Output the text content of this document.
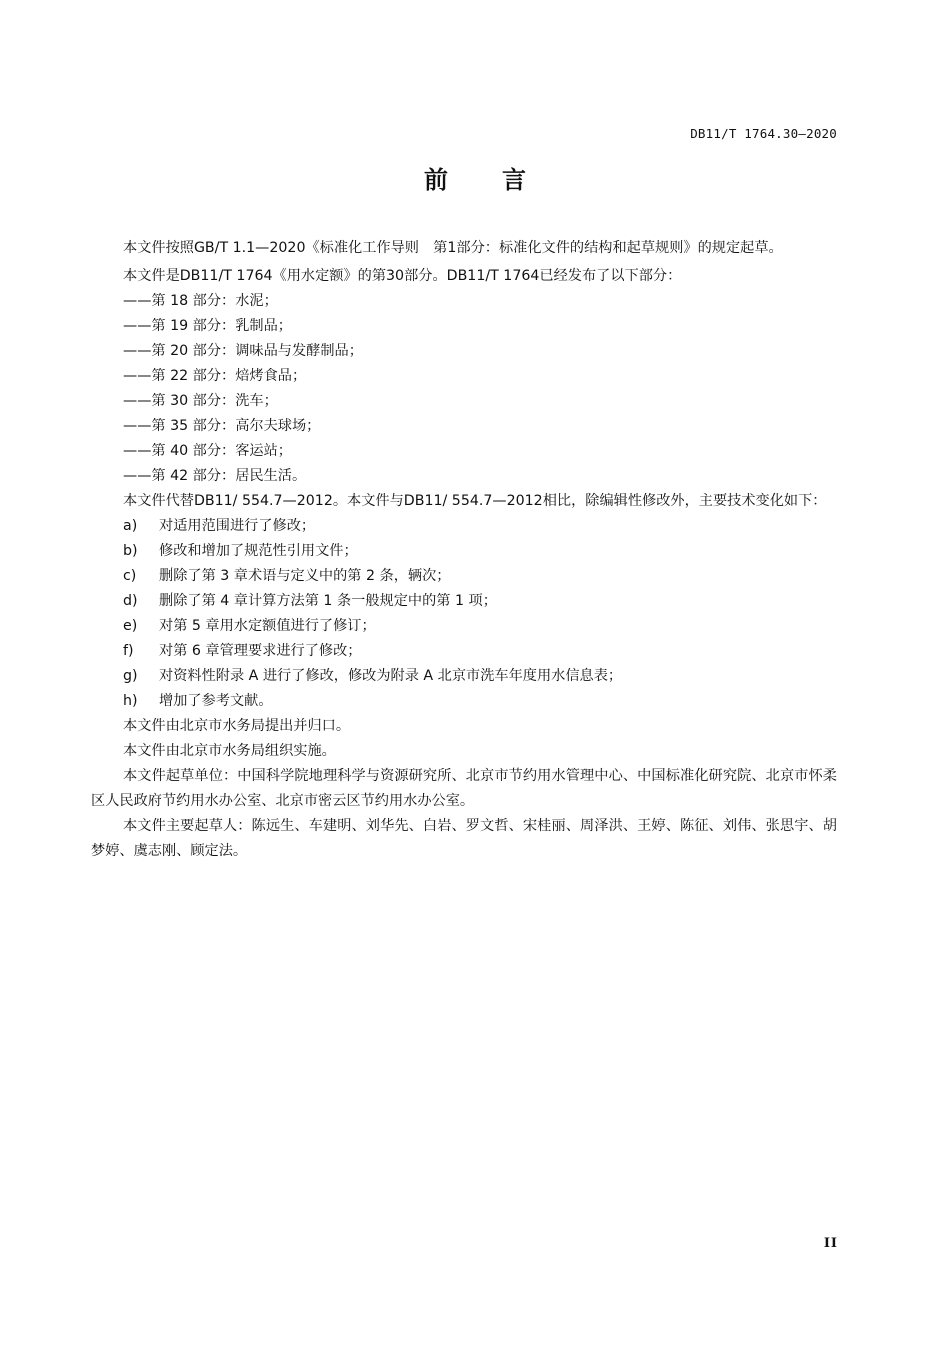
DB11/T 1764.30—2020
前言

本文件按照GB/T 1.1—2020《标准化工作导则　第1部分：标准化文件的结构和起草规则》的规定起草。

本文件是DB11/T 1764《用水定额》的第30部分。DB11/T 1764已经发布了以下部分：

——第 18 部分：水泥；

——第 19 部分：乳制品；

——第 20 部分：调味品与发酵制品；

——第 22 部分：焙烤食品；

——第 30 部分：洗车；

——第 35 部分：高尔夫球场；

——第 40 部分：客运站；

——第 42 部分：居民生活。

本文件代替DB11/ 554.7—2012。本文件与DB11/ 554.7—2012相比，除编辑性修改外，主要技术变化如下：

a)	对适用范围进行了修改；

b)	修改和增加了规范性引用文件；

c)	删除了第 3 章术语与定义中的第 2 条，辆次；

d)	删除了第 4 章计算方法第 1 条一般规定中的第 1 项；

e)	对第 5 章用水定额值进行了修订；

f)	对第 6 章管理要求进行了修改；

g)	对资料性附录 A 进行了修改，修改为附录 A 北京市洗车年度用水信息表；

h)	增加了参考文献。

本文件由北京市水务局提出并归口。

本文件由北京市水务局组织实施。

本文件起草单位：中国科学院地理科学与资源研究所、北京市节约用水管理中心、中国标准化研究院、北京市怀柔区人民政府节约用水办公室、北京市密云区节约用水办公室。

本文件主要起草人：陈远生、车建明、刘华先、白岩、罗文哲、宋桂丽、周泽洪、王婷、陈征、刘伟、张思宇、胡梦婷、虞志刚、顾定法。

II
